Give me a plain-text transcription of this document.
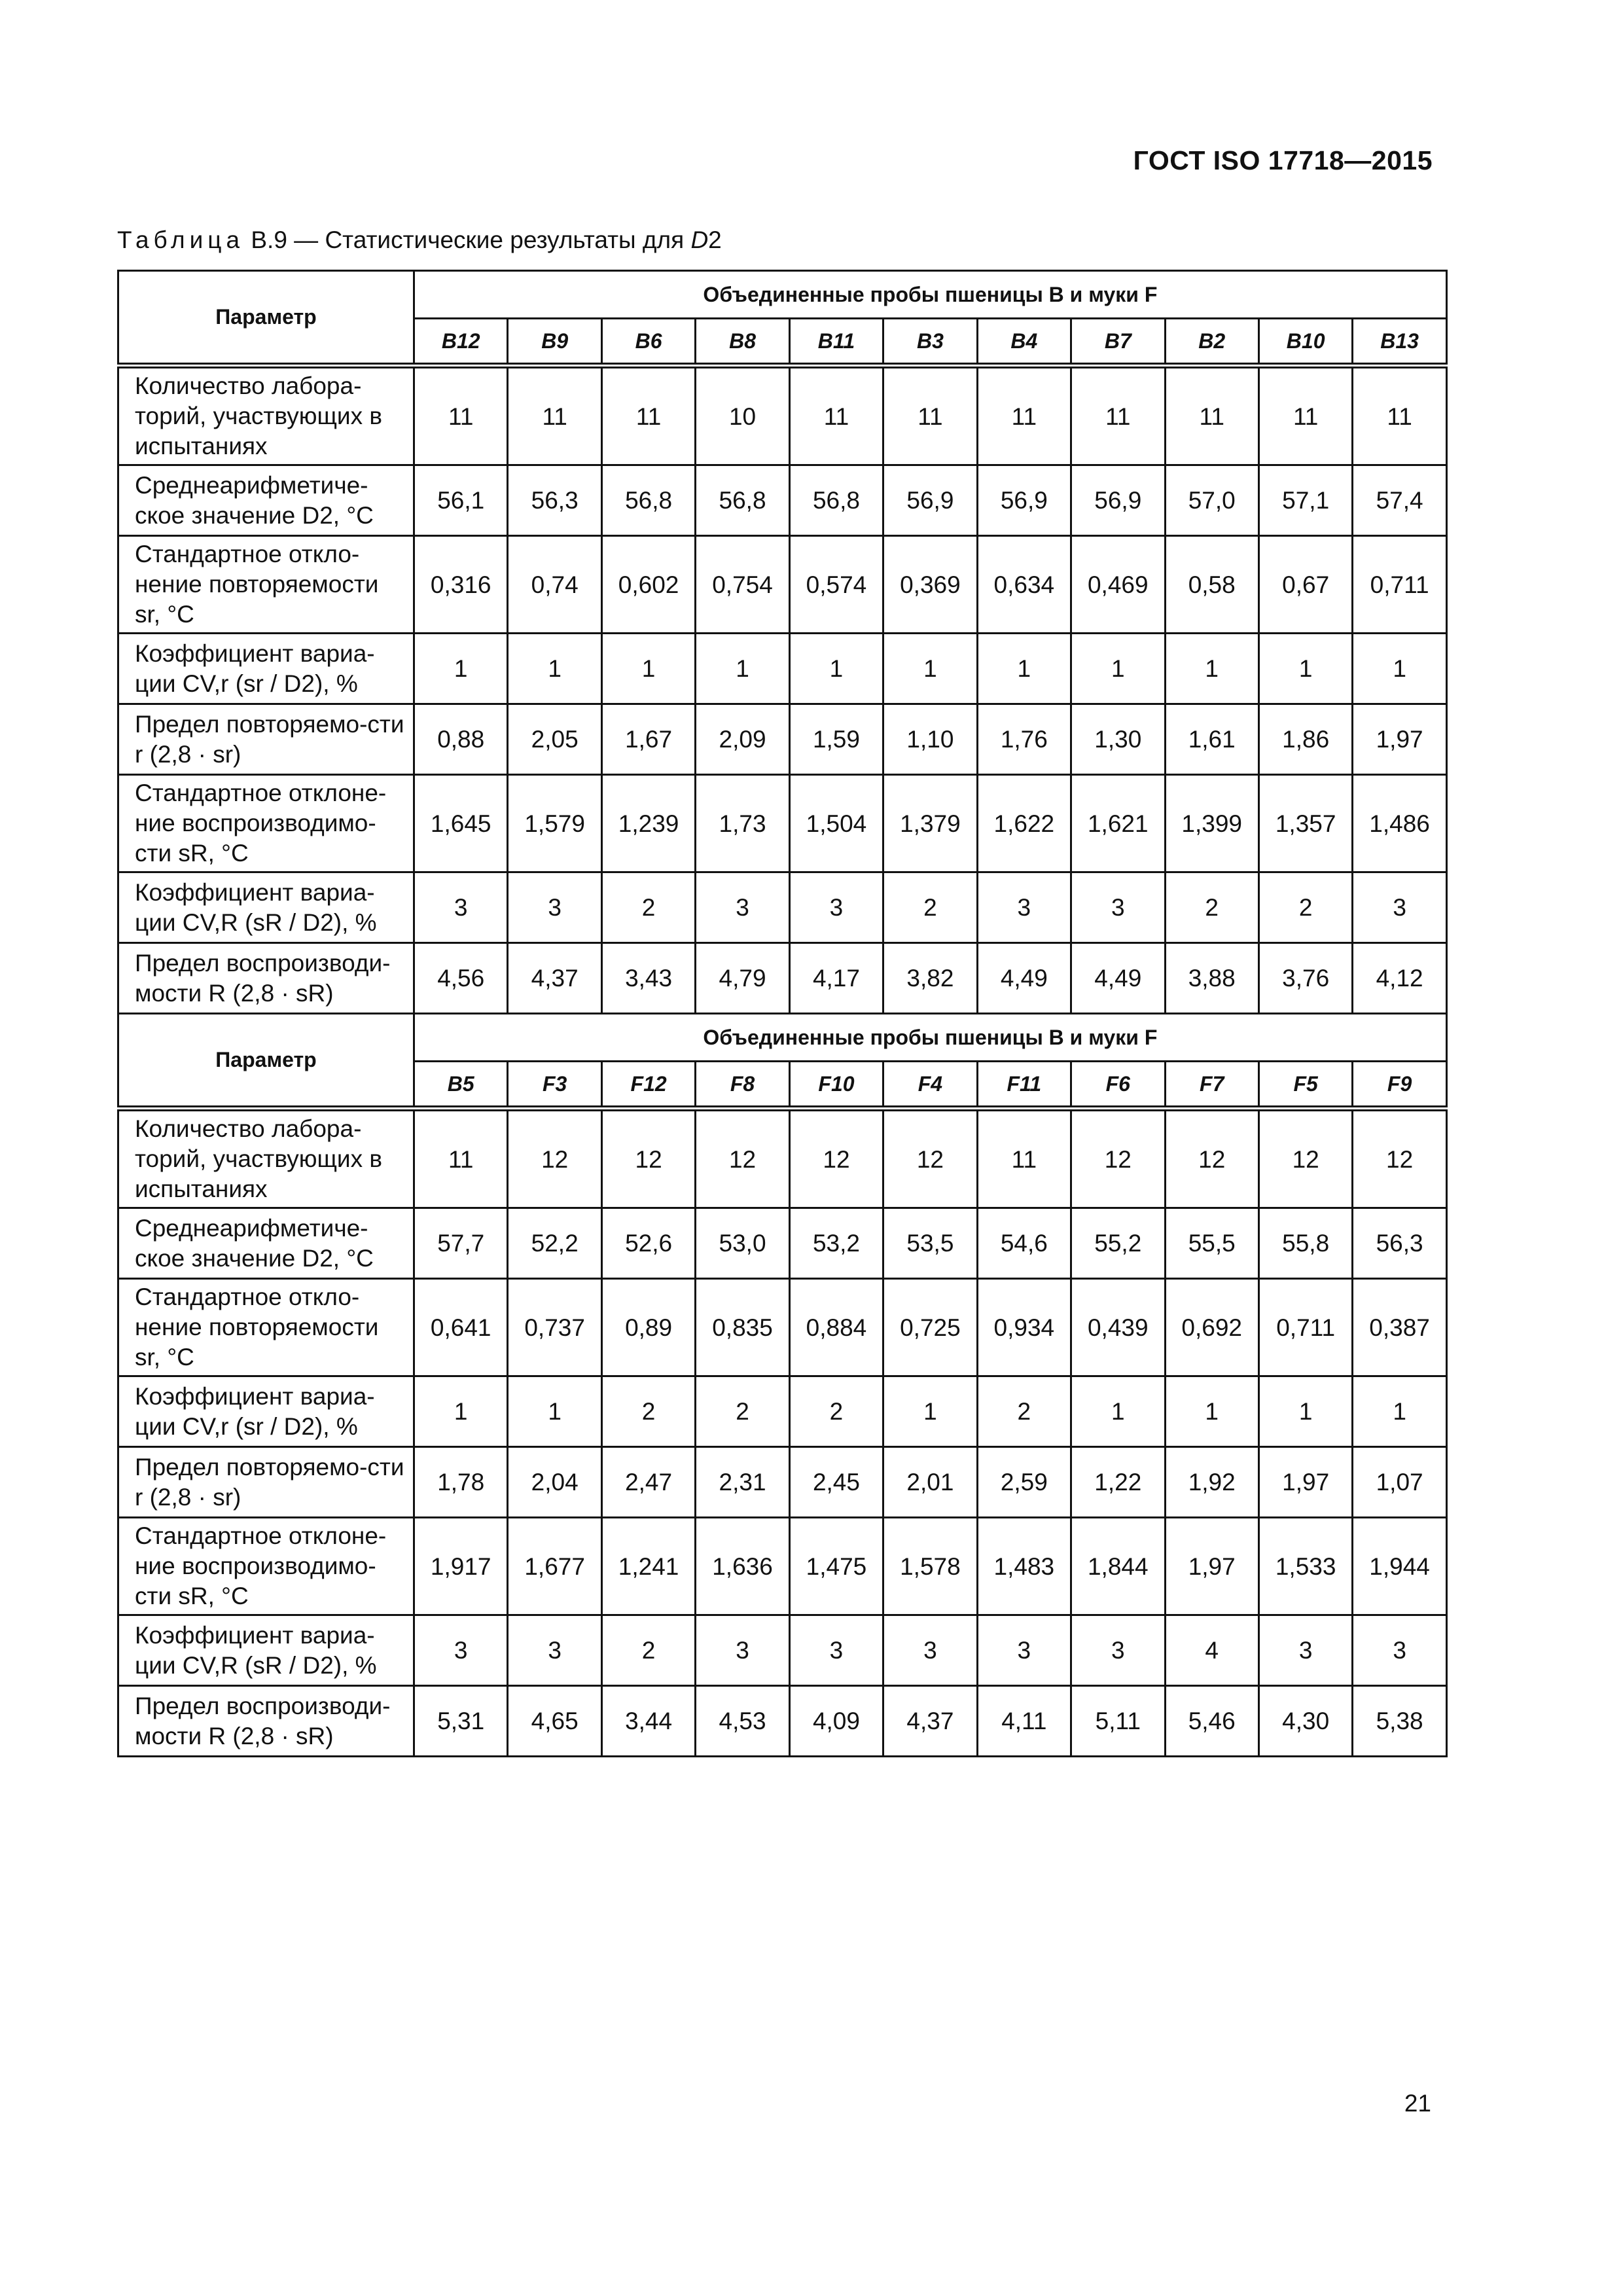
ГОСТ ISO 17718—2015
Таблица В.9 — Статистические результаты для D2
Параметр	Объединенные пробы пшеницы B и муки F										
	B12	B9	B6	B8	B11	B3	B4	B7	B2	B10	B13
Количество лабора-торий, участвующих в испытаниях	11	11	11	10	11	11	11	11	11	11	11
Среднеарифметиче-ское значение D2, °C	56,1	56,3	56,8	56,8	56,8	56,9	56,9	56,9	57,0	57,1	57,4
Стандартное откло-нение повторяемости sr, °C	0,316	0,74	0,602	0,754	0,574	0,369	0,634	0,469	0,58	0,67	0,711
Коэффициент вариа-ции CV,r (sr / D2), %	1	1	1	1	1	1	1	1	1	1	1
Предел повторяемо-сти r (2,8 · sr)	0,88	2,05	1,67	2,09	1,59	1,10	1,76	1,30	1,61	1,86	1,97
Стандартное отклоне-ние воспроизводимо-сти sR, °C	1,645	1,579	1,239	1,73	1,504	1,379	1,622	1,621	1,399	1,357	1,486
Коэффициент вариа-ции CV,R (sR / D2), %	3	3	2	3	3	2	3	3	2	2	3
Предел воспроизводи-мости R (2,8 · sR)	4,56	4,37	3,43	4,79	4,17	3,82	4,49	4,49	3,88	3,76	4,12
Параметр	Объединенные пробы пшеницы B и муки F										
	B5	F3	F12	F8	F10	F4	F11	F6	F7	F5	F9
Количество лабора-торий, участвующих в испытаниях	11	12	12	12	12	12	11	12	12	12	12
Среднеарифметиче-ское значение D2, °C	57,7	52,2	52,6	53,0	53,2	53,5	54,6	55,2	55,5	55,8	56,3
Стандартное откло-нение повторяемости sr, °C	0,641	0,737	0,89	0,835	0,884	0,725	0,934	0,439	0,692	0,711	0,387
Коэффициент вариа-ции CV,r (sr / D2), %	1	1	2	2	2	1	2	1	1	1	1
Предел повторяемо-сти r (2,8 · sr)	1,78	2,04	2,47	2,31	2,45	2,01	2,59	1,22	1,92	1,97	1,07
Стандартное отклоне-ние воспроизводимо-сти sR, °C	1,917	1,677	1,241	1,636	1,475	1,578	1,483	1,844	1,97	1,533	1,944
Коэффициент вариа-ции CV,R (sR / D2), %	3	3	2	3	3	3	3	3	4	3	3
Предел воспроизводи-мости R (2,8 · sR)	5,31	4,65	3,44	4,53	4,09	4,37	4,11	5,11	5,46	4,30	5,38
21
